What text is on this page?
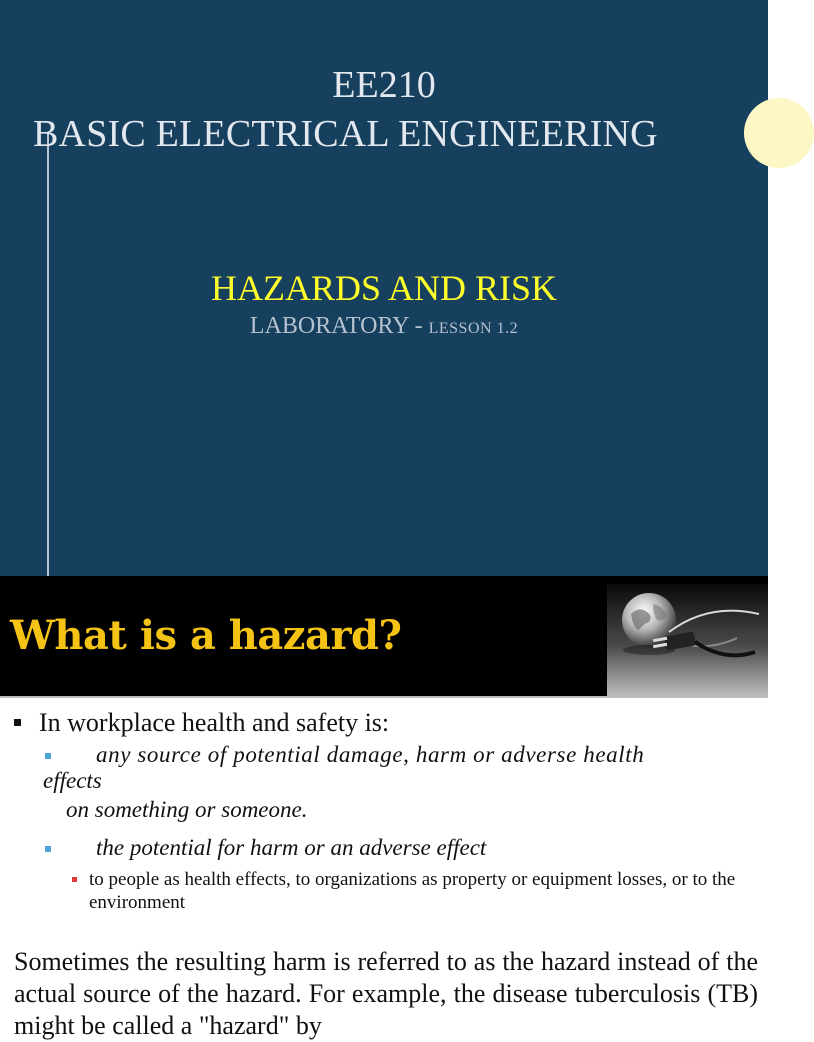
EE210
BASIC ELECTRICAL ENGINEERING
HAZARDS AND RISK
LABORATORY - LESSON 1.2
What is a hazard?
In workplace health and safety is:
any source of potential damage, harm or adverse health
effects
on something or someone.
the potential for harm or an adverse effect
to people as health effects, to organizations as property or equipment losses, or to the environment
Sometimes the resulting harm is referred to as the hazard instead of the actual source of the hazard. For example, the disease tuberculosis (TB) might be called a "hazard" by
